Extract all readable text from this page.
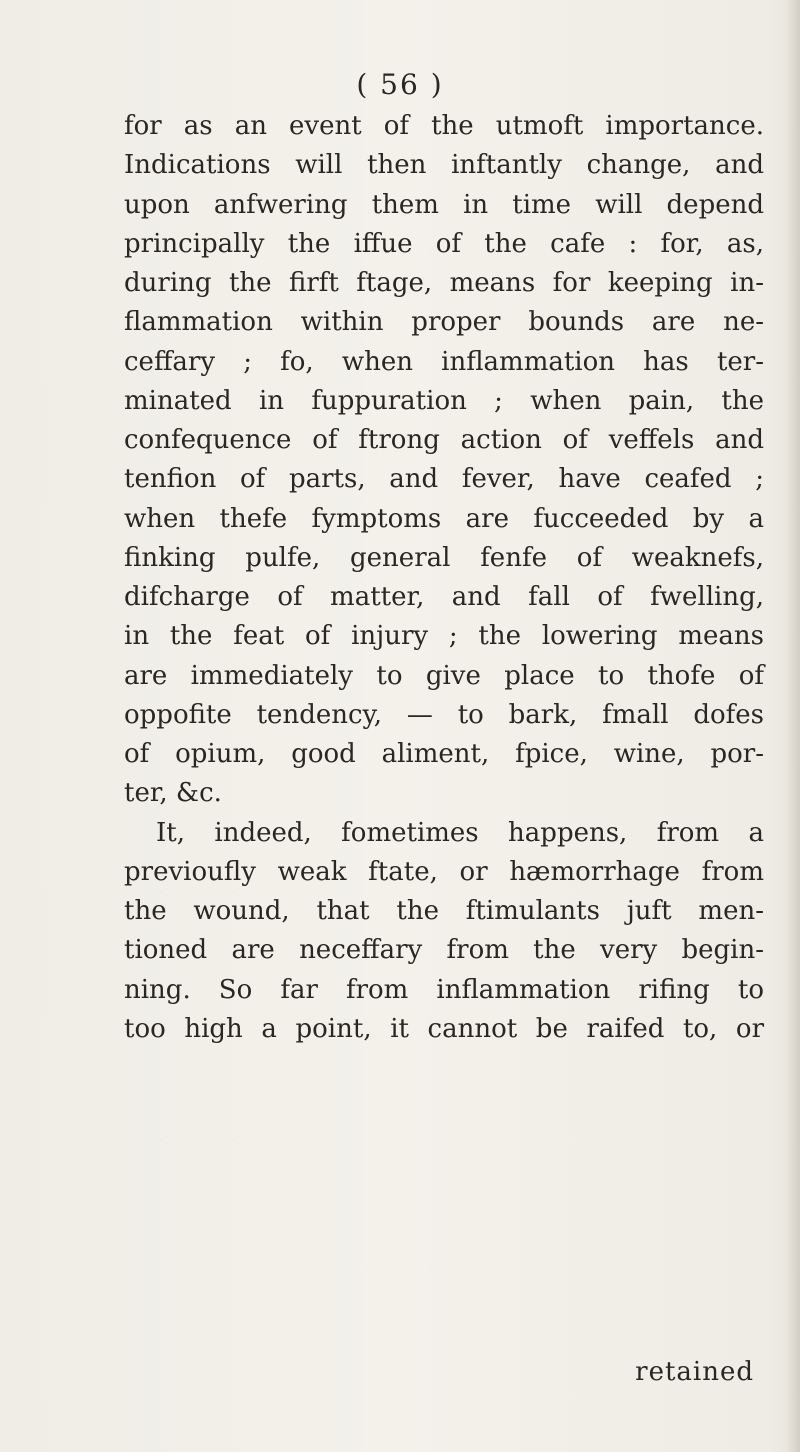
( 56 )
for as an event of the utmoft importance.
Indications will then inftantly change, and
upon anfwering them in time will depend
principally the iffue of the cafe : for, as,
during the firft ftage, means for keeping in-
flammation within proper bounds are ne-
ceffary ; fo, when inflammation has ter-
minated in fuppuration ; when pain, the
confequence of ftrong action of veffels and
tenfion of parts, and fever, have ceafed ;
when thefe fymptoms are fucceeded by a
finking pulfe, general fenfe of weaknefs,
difcharge of matter, and fall of fwelling,
in the feat of injury ; the lowering means
are immediately to give place to thofe of
oppofite tendency, — to bark, fmall dofes
of opium, good aliment, fpice, wine, por-
ter, &c.
It, indeed, fometimes happens, from a
previoufly weak ftate, or hæmorrhage from
the wound, that the ftimulants juft men-
tioned are neceffary from the very begin-
ning. So far from inflammation rifing to
too high a point, it cannot be raifed to, or
retained
